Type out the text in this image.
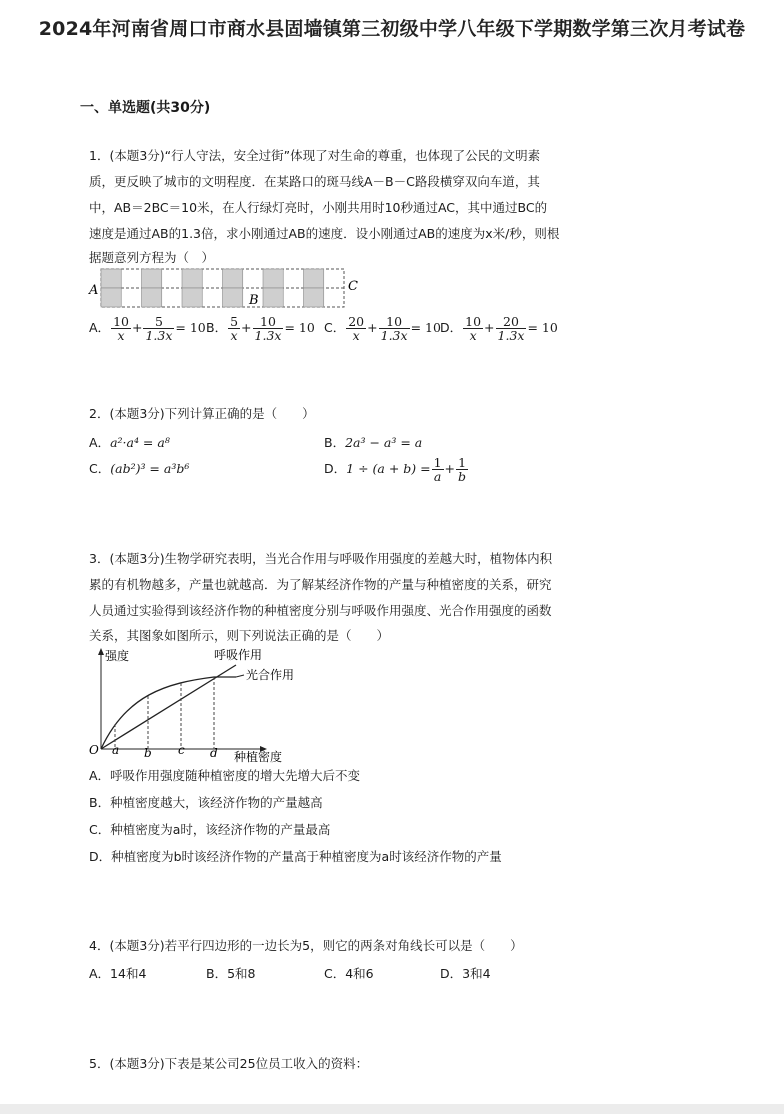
2024年河南省周口市商水县固墙镇第三初级中学八年级下学期数学第三次月考试卷
一、单选题(共30分)
1．(本题3分)“行人守法，安全过街”体现了对生命的尊重，也体现了公民的文明素
质，更反映了城市的文明程度．在某路口的斑马线A－B－C路段横穿双向车道，其
中，AB＝2BC＝10米，在人行绿灯亮时，小刚共用时10秒通过AC，其中通过BC的
速度是通过AB的1.3倍，求小刚通过AB的速度．设小刚通过AB的速度为x米/秒，则根
据题意列方程为（　）
A
B
C
A． $\frac{10}{x} + \frac{5}{1.3x} = 10$ B． $\frac{5}{x} + \frac{10}{1.3x} = 10$ C． $\frac{20}{x} + \frac{10}{1.3x} = 10$ D． $\frac{10}{x} + \frac{20}{1.3x} = 10$
2．(本题3分)下列计算正确的是（　　）
A．a²·a⁴ = a⁸	B．2a³ − a³ = a
C．(ab²)³ = a³b⁶	D．$1 \div (a + b) = \frac{1}{a} + \frac{1}{b}$
3．(本题3分)生物学研究表明，当光合作用与呼吸作用强度的差越大时，植物体内积
累的有机物越多，产量也就越高．为了解某经济作物的产量与种植密度的关系，研究
人员通过实验得到该经济作物的种植密度分别与呼吸作用强度、光合作用强度的函数
关系，其图象如图所示，则下列说法正确的是（　　）
强度
种植密度
O
呼吸作用
光合作用
a b c d
A．呼吸作用强度随种植密度的增大先增大后不变
B．种植密度越大，该经济作物的产量越高
C．种植密度为a时，该经济作物的产量最高
D．种植密度为b时该经济作物的产量高于种植密度为a时该经济作物的产量
4．(本题3分)若平行四边形的一边长为5，则它的两条对角线长可以是（　　）
A．14和4	B．5和8	C．4和6	D．3和4
5．(本题3分)下表是某公司25位员工收入的资料：
